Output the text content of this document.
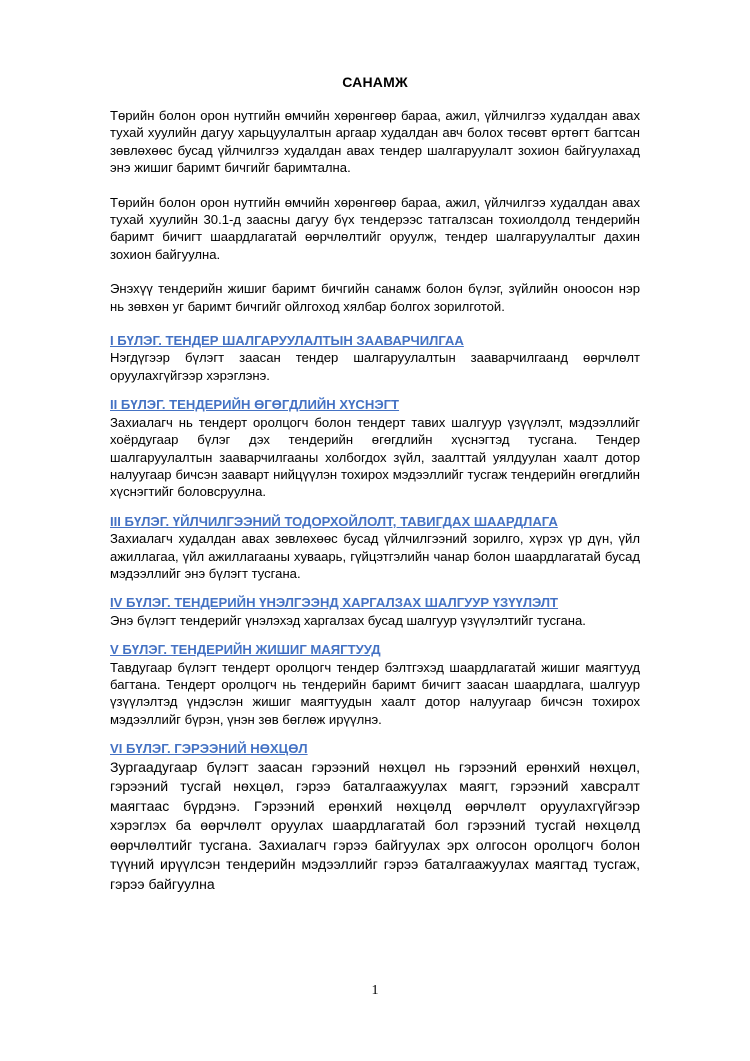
САНАМЖ

Төрийн болон орон нутгийн өмчийн хөрөнгөөр бараа, ажил, үйлчилгээ худалдан авах тухай хуулийн дагуу харьцуулалтын аргаар худалдан авч болох төсөвт өртөгт багтсан зөвлөхөөс бусад үйлчилгээ худалдан авах тендер шалгаруулалт зохион байгуулахад энэ жишиг баримт бичгийг баримтална.

Төрийн болон орон нутгийн өмчийн хөрөнгөөр бараа, ажил, үйлчилгээ худалдан авах тухай хуулийн 30.1-д заасны дагуу бүх тендерээс татгалзсан тохиолдолд тендерийн баримт бичигт шаардлагатай өөрчлөлтийг оруулж, тендер шалгаруулалтыг дахин зохион байгуулна.

Энэхүү тендерийн жишиг баримт бичгийн санамж болон бүлэг, зүйлийн оноосон нэр нь зөвхөн уг баримт бичгийг ойлгоход хялбар болгох зорилготой.

I БҮЛЭГ. ТЕНДЕР ШАЛГАРУУЛАЛТЫН ЗААВАРЧИЛГАА

Нэгдүгээр бүлэгт заасан тендер шалгаруулалтын зааварчилгаанд өөрчлөлт оруулахгүйгээр хэрэглэнэ.

II БҮЛЭГ. ТЕНДЕРИЙН ӨГӨГДЛИЙН ХҮСНЭГТ

Захиалагч нь тендерт оролцогч болон тендерт тавих шалгуур үзүүлэлт, мэдээллийг хоёрдугаар бүлэг дэх тендерийн өгөгдлийн хүснэгтэд тусгана. Тендер шалгаруулалтын зааварчилгааны холбогдох зүйл, заалттай уялдуулан хаалт дотор налуугаар бичсэн зааварт нийцүүлэн тохирох мэдээллийг тусгаж тендерийн өгөгдлийн хүснэгтийг боловсруулна.

III БҮЛЭГ. ҮЙЛЧИЛГЭЭНИЙ ТОДОРХОЙЛОЛТ, ТАВИГДАХ ШААРДЛАГА

Захиалагч худалдан авах зөвлөхөөс бусад үйлчилгээний зорилго, хүрэх үр дүн, үйл ажиллагаа, үйл ажиллагааны хуваарь, гүйцэтгэлийн чанар болон шаардлагатай бусад мэдээллийг энэ бүлэгт тусгана.

IV БҮЛЭГ. ТЕНДЕРИЙН ҮНЭЛГЭЭНД ХАРГАЛЗАХ ШАЛГУУР ҮЗҮҮЛЭЛТ

Энэ бүлэгт тендерийг үнэлэхэд харгалзах бусад шалгуур үзүүлэлтийг тусгана.

V БҮЛЭГ. ТЕНДЕРИЙН ЖИШИГ МАЯГТУУД

Тавдугаар бүлэгт тендерт оролцогч тендер бэлтгэхэд шаардлагатай жишиг маягтууд багтана. Тендерт оролцогч нь тендерийн баримт бичигт заасан шаардлага, шалгуур үзүүлэлтэд үндэслэн жишиг маягтуудын хаалт дотор налуугаар бичсэн тохирох мэдээллийг бүрэн, үнэн зөв бөглөж ирүүлнэ.

VI БҮЛЭГ. ГЭРЭЭНИЙ НӨХЦӨЛ

Зургаадугаар бүлэгт заасан гэрээний нөхцөл нь гэрээний ерөнхий нөхцөл, гэрээний тусгай нөхцөл, гэрээ баталгаажуулах маягт, гэрээний хавсралт маягтаас бүрдэнэ. Гэрээний ерөнхий нөхцөлд өөрчлөлт оруулахгүйгээр хэрэглэх ба өөрчлөлт оруулах шаардлагатай бол гэрээний тусгай нөхцөлд өөрчлөлтийг тусгана. Захиалагч гэрээ байгуулах эрх олгосон оролцогч болон түүний ирүүлсэн тендерийн мэдээллийг гэрээ баталгаажуулах маягтад тусгаж, гэрээ байгуулна

1
